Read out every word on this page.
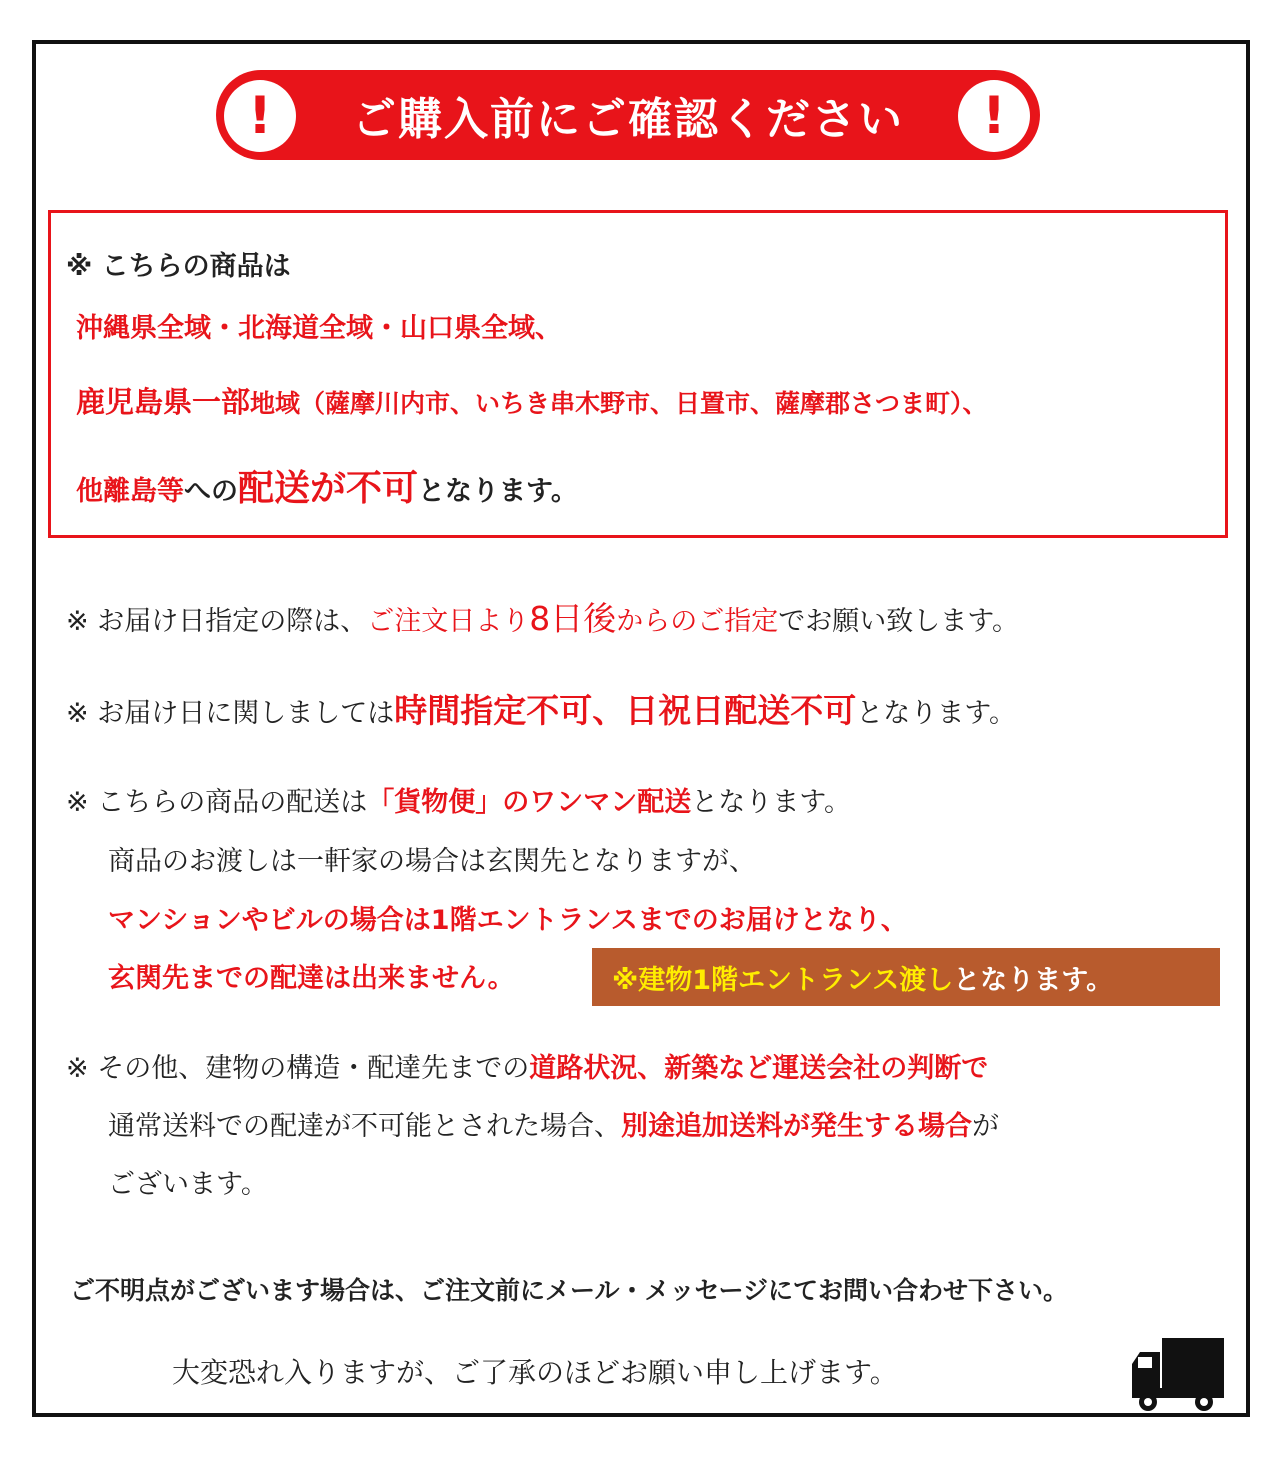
ご購入前にご確認ください
!	!
※ こちらの商品は
沖縄県全域・北海道全域・山口県全域、
鹿児島県一部地域（薩摩川内市、いちき串木野市、日置市、薩摩郡さつま町）、
他離島等への配送が不可となります。
※ お届け日指定の際は、ご注文日より8日後からのご指定でお願い致します。
※ お届け日に関しましては時間指定不可、日祝日配送不可となります。
※ こちらの商品の配送は「貨物便」のワンマン配送となります。
商品のお渡しは一軒家の場合は玄関先となりますが、
マンションやビルの場合は1階エントランスまでのお届けとなり、
玄関先までの配達は出来ません。	※建物1階エントランス渡し となります。
※ その他、建物の構造・配達先までの道路状況、新築など運送会社の判断で
通常送料での配達が不可能とされた場合、別途追加送料が発生する場合が
ございます。
ご不明点がございます場合は、ご注文前にメール・メッセージにてお問い合わせ下さい。
大変恐れ入りますが、ご了承のほどお願い申し上げます。
